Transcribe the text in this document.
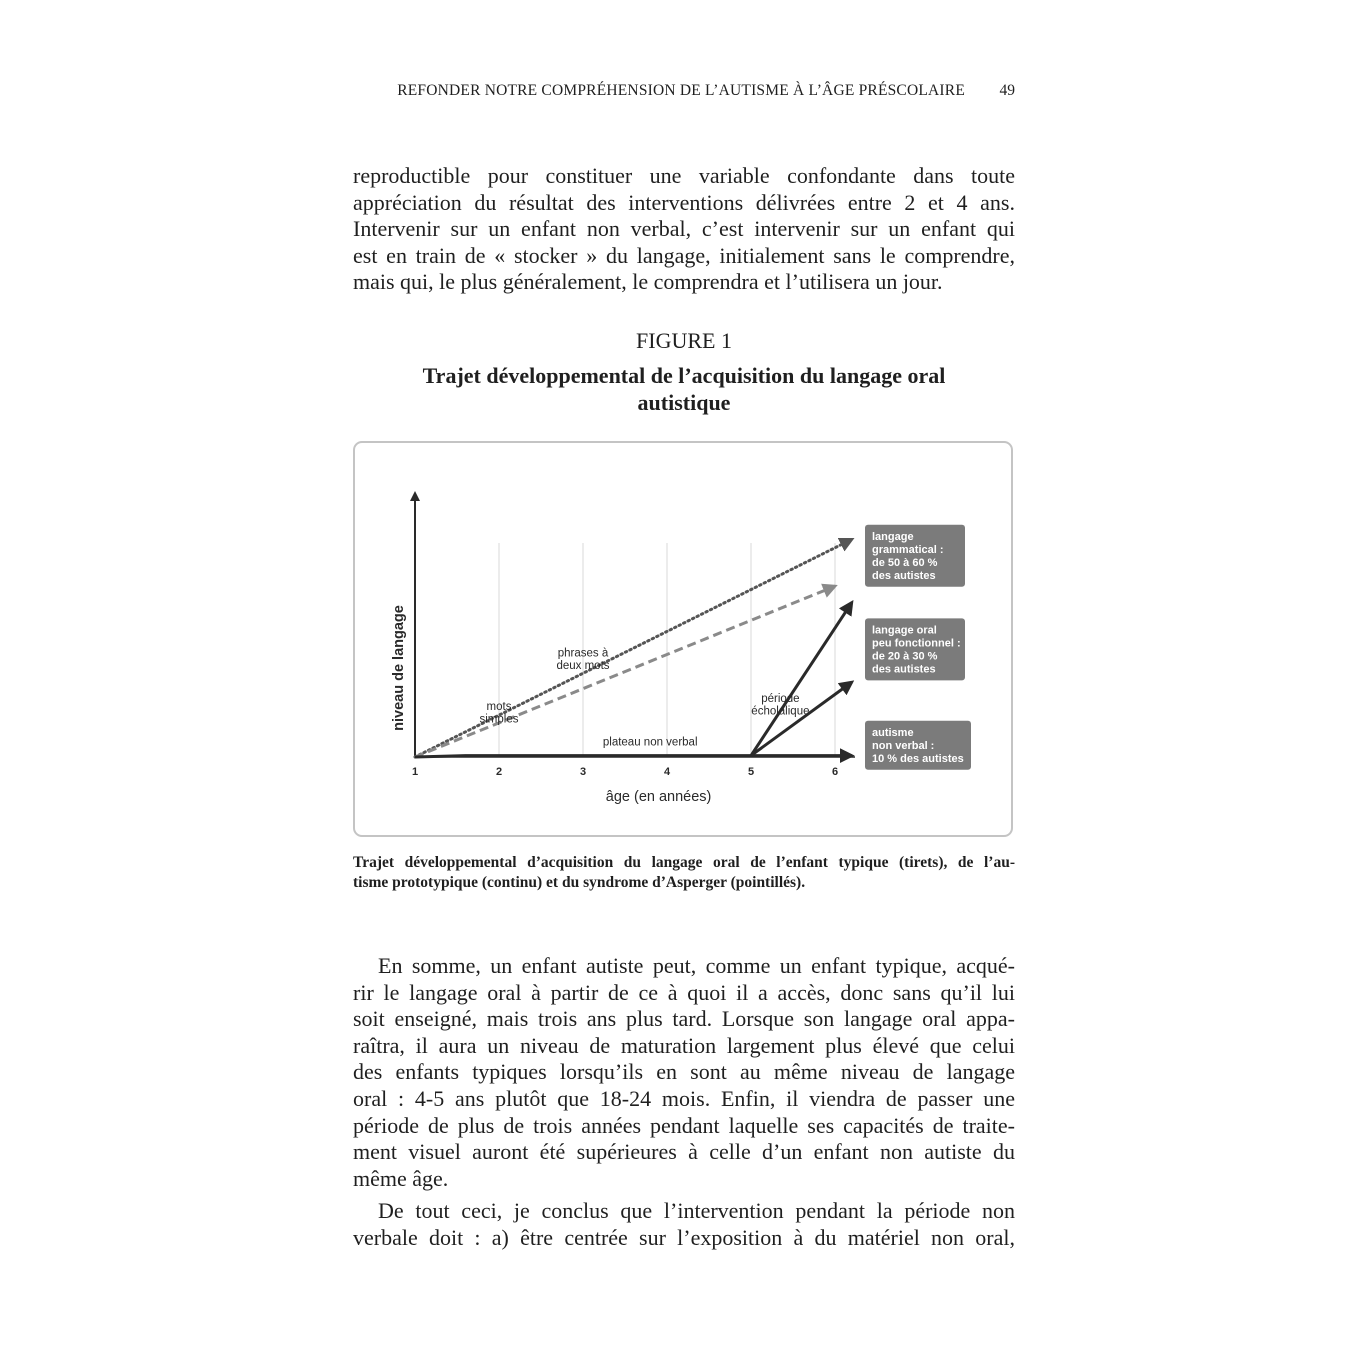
REFONDER NOTRE COMPRÉHENSION DE L’AUTISME À L’ÂGE PRÉSCOLAIRE 49

reproductible pour constituer une variable confondante dans toute
appréciation du résultat des interventions délivrées entre 2 et 4 ans.
Intervenir sur un enfant non verbal, c’est intervenir sur un enfant qui
est en train de « stocker » du langage, initialement sans le comprendre,
mais qui, le plus généralement, le comprendra et l’utilisera un jour.

FIGURE 1
Trajet développemental de l’acquisition du langage oral
autistique
1	2	3	4	5	6
âge (en années)
niveau de langage	mots simples
phrases à deux mots
plateau non verbal
période écholalique
langage grammatical : de 50 à 60 % des autistes
langage oral peu fonctionnel : de 20 à 30 % des autistes
autisme non verbal : 10 % des autistes
Trajet développemental d’acquisition du langage oral de l’enfant typique (tirets), de l’au-
tisme prototypique (continu) et du syndrome d’Asperger (pointillés).

En somme, un enfant autiste peut, comme un enfant typique, acqué-
rir le langage oral à partir de ce à quoi il a accès, donc sans qu’il lui
soit enseigné, mais trois ans plus tard. Lorsque son langage oral appa-
raîtra, il aura un niveau de maturation largement plus élevé que celui
des enfants typiques lorsqu’ils en sont au même niveau de langage
oral : 4-5 ans plutôt que 18-24 mois. Enfin, il viendra de passer une
période de plus de trois années pendant laquelle ses capacités de traite-
ment visuel auront été supérieures à celle d’un enfant non autiste du
même âge.

De tout ceci, je conclus que l’intervention pendant la période non
verbale doit : a) être centrée sur l’exposition à du matériel non oral,
